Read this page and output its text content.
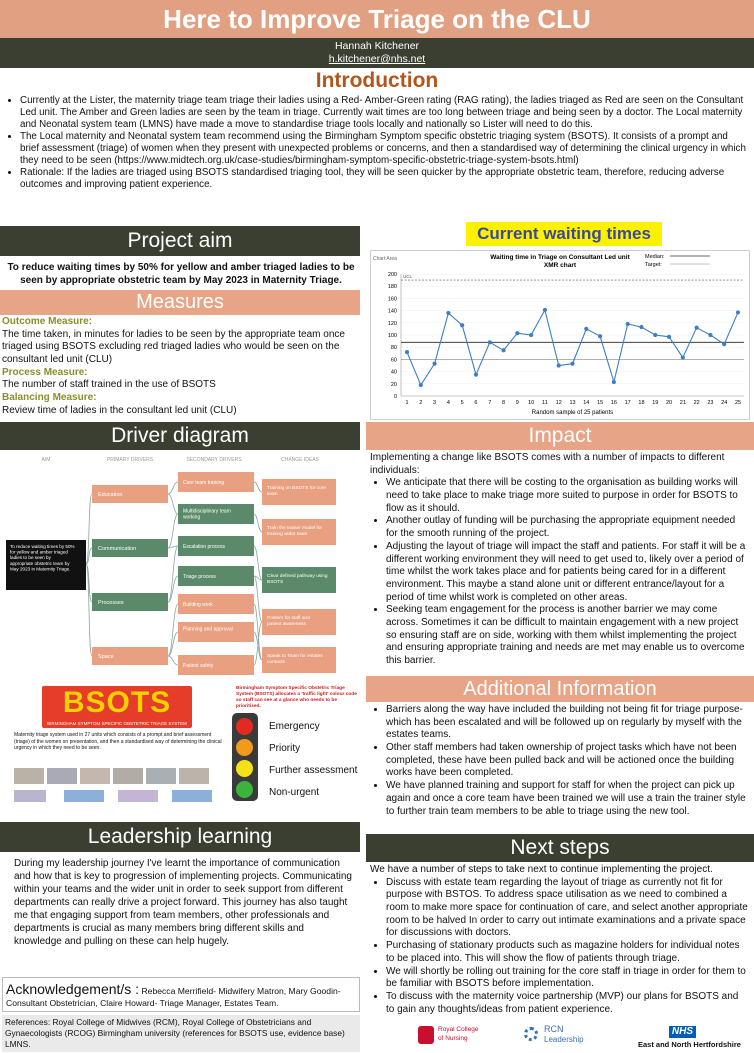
Here to Improve Triage on the CLU
Hannah Kitchener
h.kitchener@nhs.net
Introduction
• Currently at the Lister, the maternity triage team triage their ladies using a Red- Amber-Green rating (RAG rating), the ladies triaged as Red are seen on the Consultant Led unit. The Amber and Green ladies are seen by the team in triage. Currently wait times are too long between triage and being seen by a doctor. The Local maternity and Neonatal system team (LMNS) have made a move to standardise triage tools locally and nationally so Lister will need to do this.
• The Local maternity and Neonatal system team recommend using the Birmingham Symptom specific obstetric triaging system (BSOTS). It consists of a prompt and brief assessment (triage) of women when they present with unexpected problems or concerns, and then a standardised way of determining the clinical urgency in which they need to be seen (https://www.midtech.org.uk/case-studies/birmingham-symptom-specific-obstetric-triage-system-bsots.html)
• Rationale: If the ladies are triaged using BSOTS standardised triaging tool, they will be seen quicker by the appropriate obstetric team, therefore, reducing adverse outcomes and improving patient experience.
Project aim
To reduce waiting times by 50% for yellow and amber triaged ladies to be seen by appropriate obstetric team by May 2023 in Maternity Triage.
Measures
Outcome Measure:
The time taken, in minutes for ladies to be seen by the appropriate team once triaged using BSOTS excluding red triaged ladies who would be seen on the consultant led unit (CLU)
Process Measure:
The number of staff trained in the use of BSOTS
Balancing Measure:
Review time of ladies in the consultant led unit (CLU)
Current waiting times
Chart Area	Waiting time in Triage on Consultant Led unit
XMR chart
Median:
Target:
0
20
40
60
80
100
120
140
160
180
200 UCL
1 2 3 4 5 6 7 8 9 10 11 12 13 14 15 16 17 18 19 20 21 22 23 24 25
Random sample of 25 patients
Driver diagram
AIM	PRIMARY DRIVERS	SECONDARY DRIVERS	CHANGE IDEAS
To reduce waiting times by 50% for yellow and amber triaged ladies to be seen by appropriate obstetric team by May 2023 in Maternity Triage.
Education
Communication
Processes
Space
Core team training
Multidisciplinary team working
Escalation process
Triage process
Building work
Planning and approval
Patient safety
Training on BSOTS for core team
Train the trainer model for training wider team
Clear defined pathway using BSOTS
Posters for staff and patient awareness
Speak to Team for estates contacts
BSOTS
BIRMINGHAM SYMPTOM SPECIFIC OBSTETRIC TRIAGE SYSTEM
Birmingham Symptom Specific Obstetric Triage System (BSOTS) allocates a 'traffic light' colour code so staff can see at a glance who needs to be prioritised.
Maternity triage system used in 27 units which consists of a prompt and brief assessment (triage) of the women on presentation, and then a standardised way of determining the clinical urgency in which they need to be seen.
Emergency
Priority
Further assessment
Non-urgent
Impact
Implementing a change like BSOTS comes with a number of impacts to different individuals:
• We anticipate that there will be costing to the organisation as building works will need to take place to make triage more suited to purpose in order for BSOTS to flow as it should.
• Another outlay of funding will be purchasing the appropriate equipment needed for the smooth running of the project.
• Adjusting the layout of triage will impact the staff and patients. For staff it will be a different working environment they will need to get used to, likely over a period of time whilst the work takes place and for patients being cared for in a different environment. This maybe a stand alone unit or different entrance/layout for a period of time whilst work is completed on other areas.
• Seeking team engagement for the process is another barrier we may come across. Sometimes it can be difficult to maintain engagement with a new project so ensuring staff are on side, working with them whilst implementing the project and ensuring appropriate training and needs are met may enable us to overcome this barrier.
Additional Information
• Barriers along the way have included the building not being fit for triage purpose- which has been escalated and will be followed up on regularly by myself with the estates teams.
• Other staff members had taken ownership of project tasks which have not been completed, these have been pulled back and will be actioned once the building works have been completed.
• We have planned training and support for staff for when the project can pick up again and once a core team have been trained we will use a train the trainer style to further train team members to be able to triage using the new tool.
Leadership learning
During my leadership journey I've learnt the importance of communication and how that is key to progression of implementing projects. Communicating within your teams and the wider unit in order to seek support from different departments can really drive a project forward. This journey has also taught me that engaging support from team members, other professionals and departments is crucial as many members bring different skills and knowledge and pulling on these can help hugely.
Next steps
We have a number of steps to take next to continue implementing the project.
• Discuss with estate team regarding the layout of triage as currently not fit for purpose with BSTOS. To address space utilisation as we need to combined a room to make more space for continuation of care, and select another appropriate room to be halved In order to carry out intimate examinations and a private space for discussions with doctors.
• Purchasing of stationary products such as magazine holders for individual notes to be placed into. This will show the flow of patients through triage.
• We will shortly be rolling out training for the core staff in triage in order for them to be familiar with BSOTS before implementation.
• To discuss with the maternity voice partnership (MVP) our plans for BSOTS and to gain any thoughts/ideas from patient experience.
Acknowledgement/s : Rebecca Merrifield- Midwifery Matron, Mary Goodin-Consultant Obstetrician, Claire Howard- Triage Manager, Estates Team.
References: Royal College of Midwives (RCM), Royal College of Obstetricians and Gynaecologists (RCOG) Birmingham university (references for BSOTS use, evidence base) LMNS.
Royal College
of Nursing
RCN
Leadership
NHS
East and North Hertfordshire
